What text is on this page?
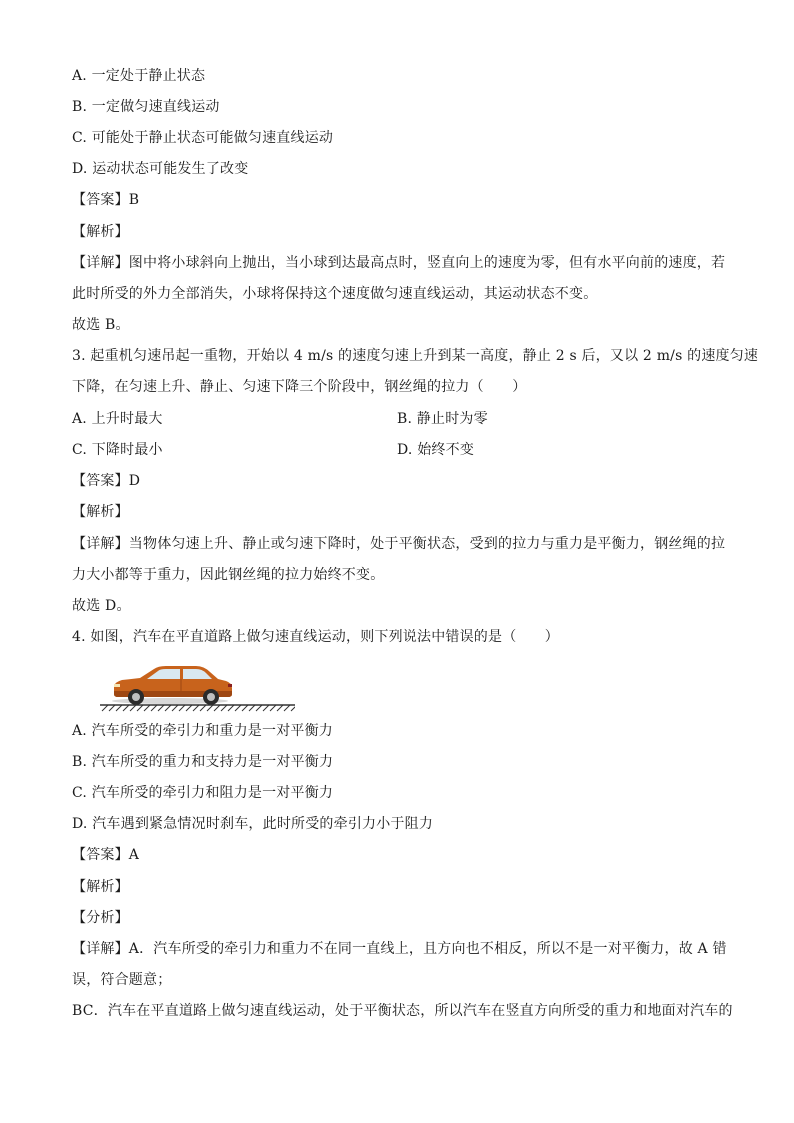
A. 一定处于静止状态
B. 一定做匀速直线运动
C. 可能处于静止状态可能做匀速直线运动
D. 运动状态可能发生了改变
【答案】B
【解析】
【详解】图中将小球斜向上抛出，当小球到达最高点时，竖直向上的速度为零，但有水平向前的速度，若
此时所受的外力全部消失，小球将保持这个速度做匀速直线运动，其运动状态不变。
故选 B。
3. 起重机匀速吊起一重物，开始以 4 m/s 的速度匀速上升到某一高度，静止 2 s 后，又以 2 m/s 的速度匀速
下降，在匀速上升、静止、匀速下降三个阶段中，钢丝绳的拉力（　　）
A. 上升时最大	B. 静止时为零
C. 下降时最小	D. 始终不变
【答案】D
【解析】
【详解】当物体匀速上升、静止或匀速下降时，处于平衡状态，受到的拉力与重力是平衡力，钢丝绳的拉
力大小都等于重力，因此钢丝绳的拉力始终不变。
故选 D。
4. 如图，汽车在平直道路上做匀速直线运动，则下列说法中错误的是（　　）
A. 汽车所受的牵引力和重力是一对平衡力
B. 汽车所受的重力和支持力是一对平衡力
C. 汽车所受的牵引力和阻力是一对平衡力
D. 汽车遇到紧急情况时刹车，此时所受的牵引力小于阻力
【答案】A
【解析】
【分析】
【详解】A．汽车所受的牵引力和重力不在同一直线上，且方向也不相反，所以不是一对平衡力，故 A 错
误，符合题意；
BC．汽车在平直道路上做匀速直线运动，处于平衡状态，所以汽车在竖直方向所受的重力和地面对汽车的
